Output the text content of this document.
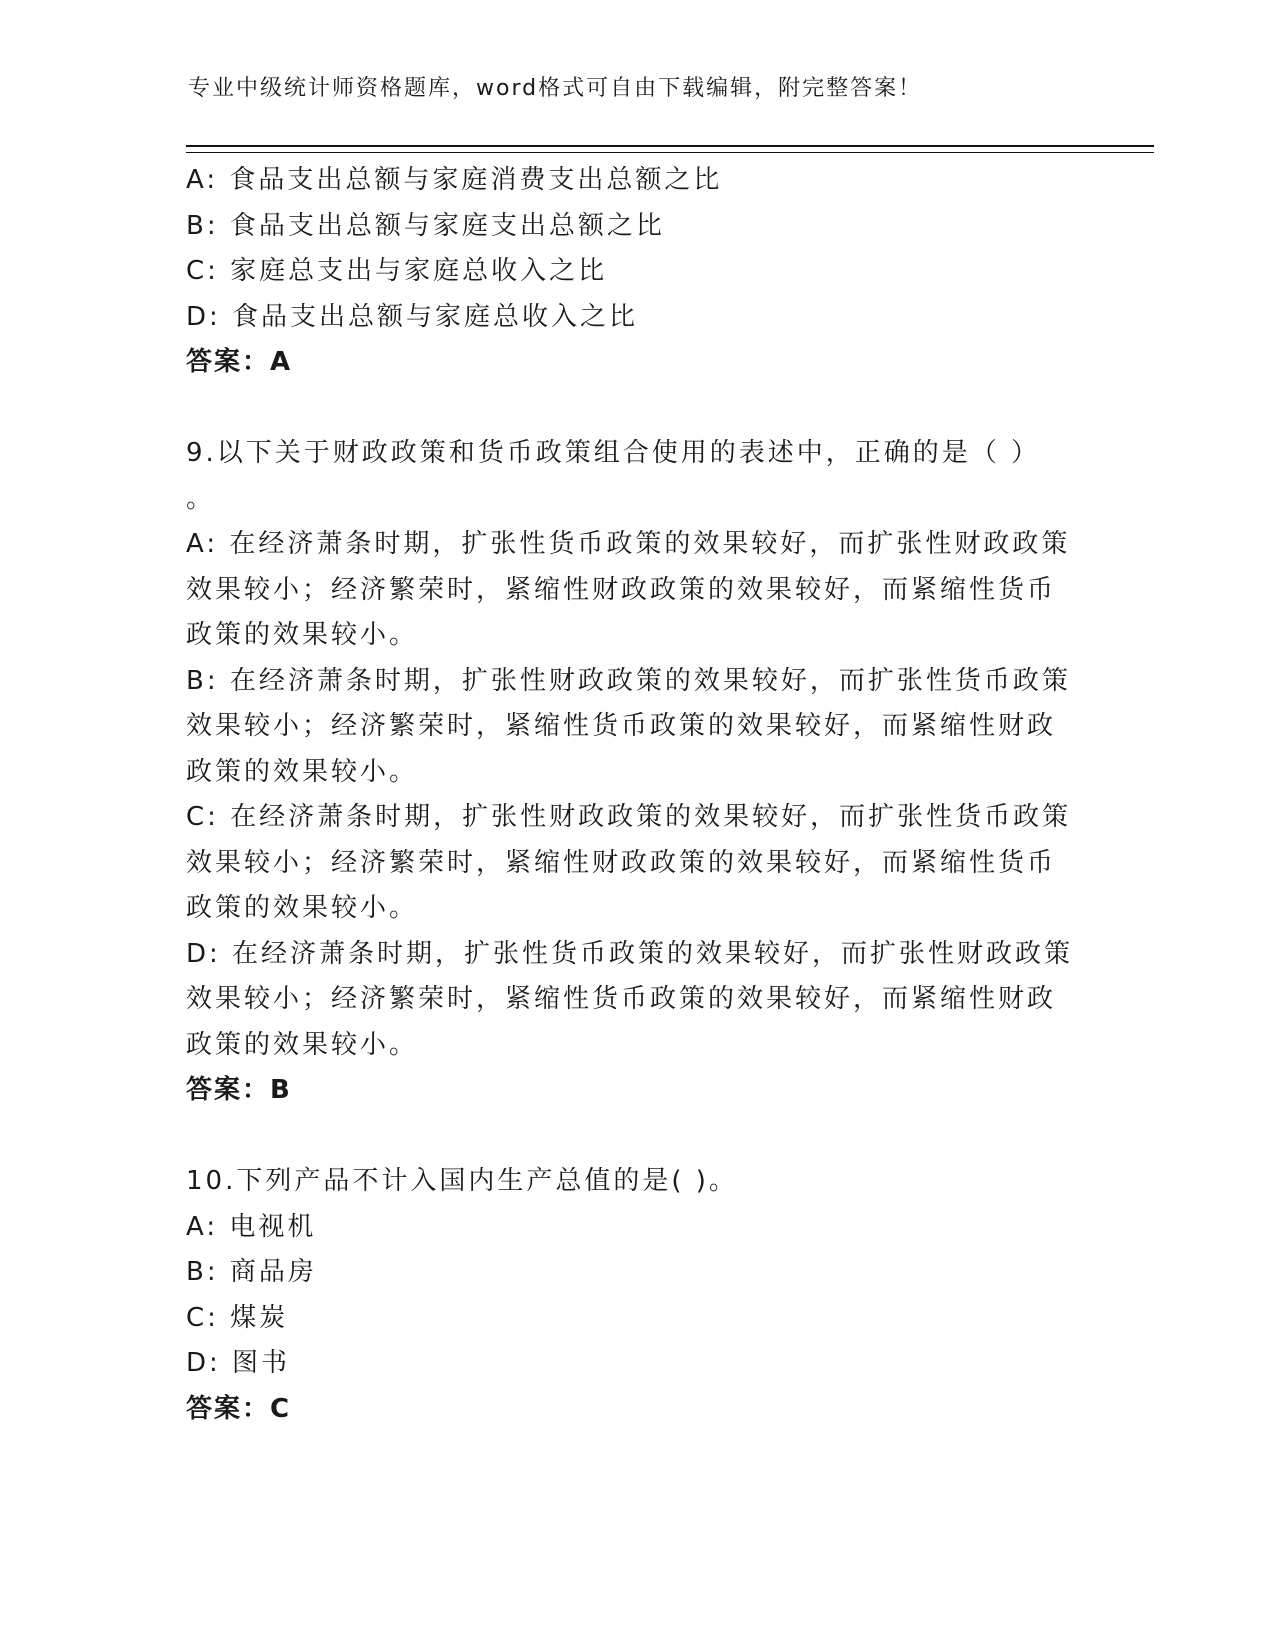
专业中级统计师资格题库，word格式可自由下载编辑，附完整答案！
A: 食品支出总额与家庭消费支出总额之比
B: 食品支出总额与家庭支出总额之比
C: 家庭总支出与家庭总收入之比
D: 食品支出总额与家庭总收入之比
答案：A
9.以下关于财政政策和货币政策组合使用的表述中，正确的是（ ）
。
A: 在经济萧条时期，扩张性货币政策的效果较好，而扩张性财政政策
效果较小；经济繁荣时，紧缩性财政政策的效果较好，而紧缩性货币
政策的效果较小。
B: 在经济萧条时期，扩张性财政政策的效果较好，而扩张性货币政策
效果较小；经济繁荣时，紧缩性货币政策的效果较好，而紧缩性财政
政策的效果较小。
C: 在经济萧条时期，扩张性财政政策的效果较好，而扩张性货币政策
效果较小；经济繁荣时，紧缩性财政政策的效果较好，而紧缩性货币
政策的效果较小。
D: 在经济萧条时期，扩张性货币政策的效果较好，而扩张性财政政策
效果较小；经济繁荣时，紧缩性货币政策的效果较好，而紧缩性财政
政策的效果较小。
答案：B
10.下列产品不计入国内生产总值的是( )。
A: 电视机
B: 商品房
C: 煤炭
D: 图书
答案：C
